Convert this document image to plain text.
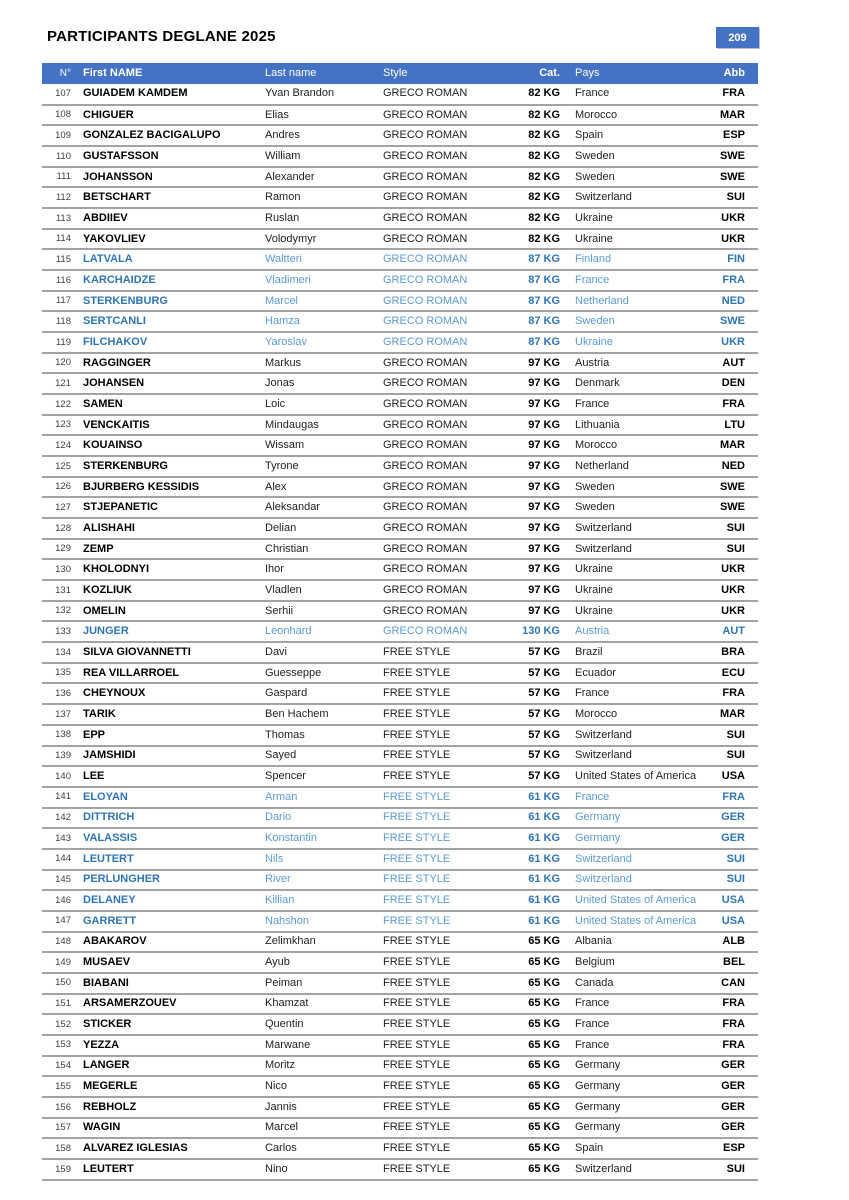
PARTICIPANTS DEGLANE 2025	209
N°	First NAME	Last name	Style	Cat.	Pays	Abb
107	GUIADEM KAMDEM	Yvan Brandon	GRECO ROMAN	82 KG	France	FRA
108	CHIGUER	Elias	GRECO ROMAN	82 KG	Morocco	MAR
109	GONZALEZ BACIGALUPO	Andres	GRECO ROMAN	82 KG	Spain	ESP
110	GUSTAFSSON	William	GRECO ROMAN	82 KG	Sweden	SWE
111	JOHANSSON	Alexander	GRECO ROMAN	82 KG	Sweden	SWE
112	BETSCHART	Ramon	GRECO ROMAN	82 KG	Switzerland	SUI
113	ABDIIEV	Ruslan	GRECO ROMAN	82 KG	Ukraine	UKR
114	YAKOVLIEV	Volodymyr	GRECO ROMAN	82 KG	Ukraine	UKR
115	LATVALA	Waltteri	GRECO ROMAN	87 KG	Finland	FIN
116	KARCHAIDZE	Vladimeri	GRECO ROMAN	87 KG	France	FRA
117	STERKENBURG	Marcel	GRECO ROMAN	87 KG	Netherland	NED
118	SERTCANLI	Hamza	GRECO ROMAN	87 KG	Sweden	SWE
119	FILCHAKOV	Yaroslav	GRECO ROMAN	87 KG	Ukraine	UKR
120	RAGGINGER	Markus	GRECO ROMAN	97 KG	Austria	AUT
121	JOHANSEN	Jonas	GRECO ROMAN	97 KG	Denmark	DEN
122	SAMEN	Loic	GRECO ROMAN	97 KG	France	FRA
123	VENCKAITIS	Mindaugas	GRECO ROMAN	97 KG	Lithuania	LTU
124	KOUAINSO	Wissam	GRECO ROMAN	97 KG	Morocco	MAR
125	STERKENBURG	Tyrone	GRECO ROMAN	97 KG	Netherland	NED
126	BJURBERG KESSIDIS	Alex	GRECO ROMAN	97 KG	Sweden	SWE
127	STJEPANETIC	Aleksandar	GRECO ROMAN	97 KG	Sweden	SWE
128	ALISHAHI	Delian	GRECO ROMAN	97 KG	Switzerland	SUI
129	ZEMP	Christian	GRECO ROMAN	97 KG	Switzerland	SUI
130	KHOLODNYI	Ihor	GRECO ROMAN	97 KG	Ukraine	UKR
131	KOZLIUK	Vladlen	GRECO ROMAN	97 KG	Ukraine	UKR
132	OMELIN	Serhii	GRECO ROMAN	97 KG	Ukraine	UKR
133	JUNGER	Leonhard	GRECO ROMAN	130 KG	Austria	AUT
134	SILVA GIOVANNETTI	Davi	FREE STYLE	57 KG	Brazil	BRA
135	REA VILLARROEL	Guesseppe	FREE STYLE	57 KG	Ecuador	ECU
136	CHEYNOUX	Gaspard	FREE STYLE	57 KG	France	FRA
137	TARIK	Ben Hachem	FREE STYLE	57 KG	Morocco	MAR
138	EPP	Thomas	FREE STYLE	57 KG	Switzerland	SUI
139	JAMSHIDI	Sayed	FREE STYLE	57 KG	Switzerland	SUI
140	LEE	Spencer	FREE STYLE	57 KG	United States of America	USA
141	ELOYAN	Arman	FREE STYLE	61 KG	France	FRA
142	DITTRICH	Dario	FREE STYLE	61 KG	Germany	GER
143	VALASSIS	Konstantin	FREE STYLE	61 KG	Germany	GER
144	LEUTERT	Nils	FREE STYLE	61 KG	Switzerland	SUI
145	PERLUNGHER	River	FREE STYLE	61 KG	Switzerland	SUI
146	DELANEY	Killian	FREE STYLE	61 KG	United States of America	USA
147	GARRETT	Nahshon	FREE STYLE	61 KG	United States of America	USA
148	ABAKAROV	Zelimkhan	FREE STYLE	65 KG	Albania	ALB
149	MUSAEV	Ayub	FREE STYLE	65 KG	Belgium	BEL
150	BIABANI	Peiman	FREE STYLE	65 KG	Canada	CAN
151	ARSAMERZOUEV	Khamzat	FREE STYLE	65 KG	France	FRA
152	STICKER	Quentin	FREE STYLE	65 KG	France	FRA
153	YEZZA	Marwane	FREE STYLE	65 KG	France	FRA
154	LANGER	Moritz	FREE STYLE	65 KG	Germany	GER
155	MEGERLE	Nico	FREE STYLE	65 KG	Germany	GER
156	REBHOLZ	Jannis	FREE STYLE	65 KG	Germany	GER
157	WAGIN	Marcel	FREE STYLE	65 KG	Germany	GER
158	ALVAREZ IGLESIAS	Carlos	FREE STYLE	65 KG	Spain	ESP
159	LEUTERT	Nino	FREE STYLE	65 KG	Switzerland	SUI
